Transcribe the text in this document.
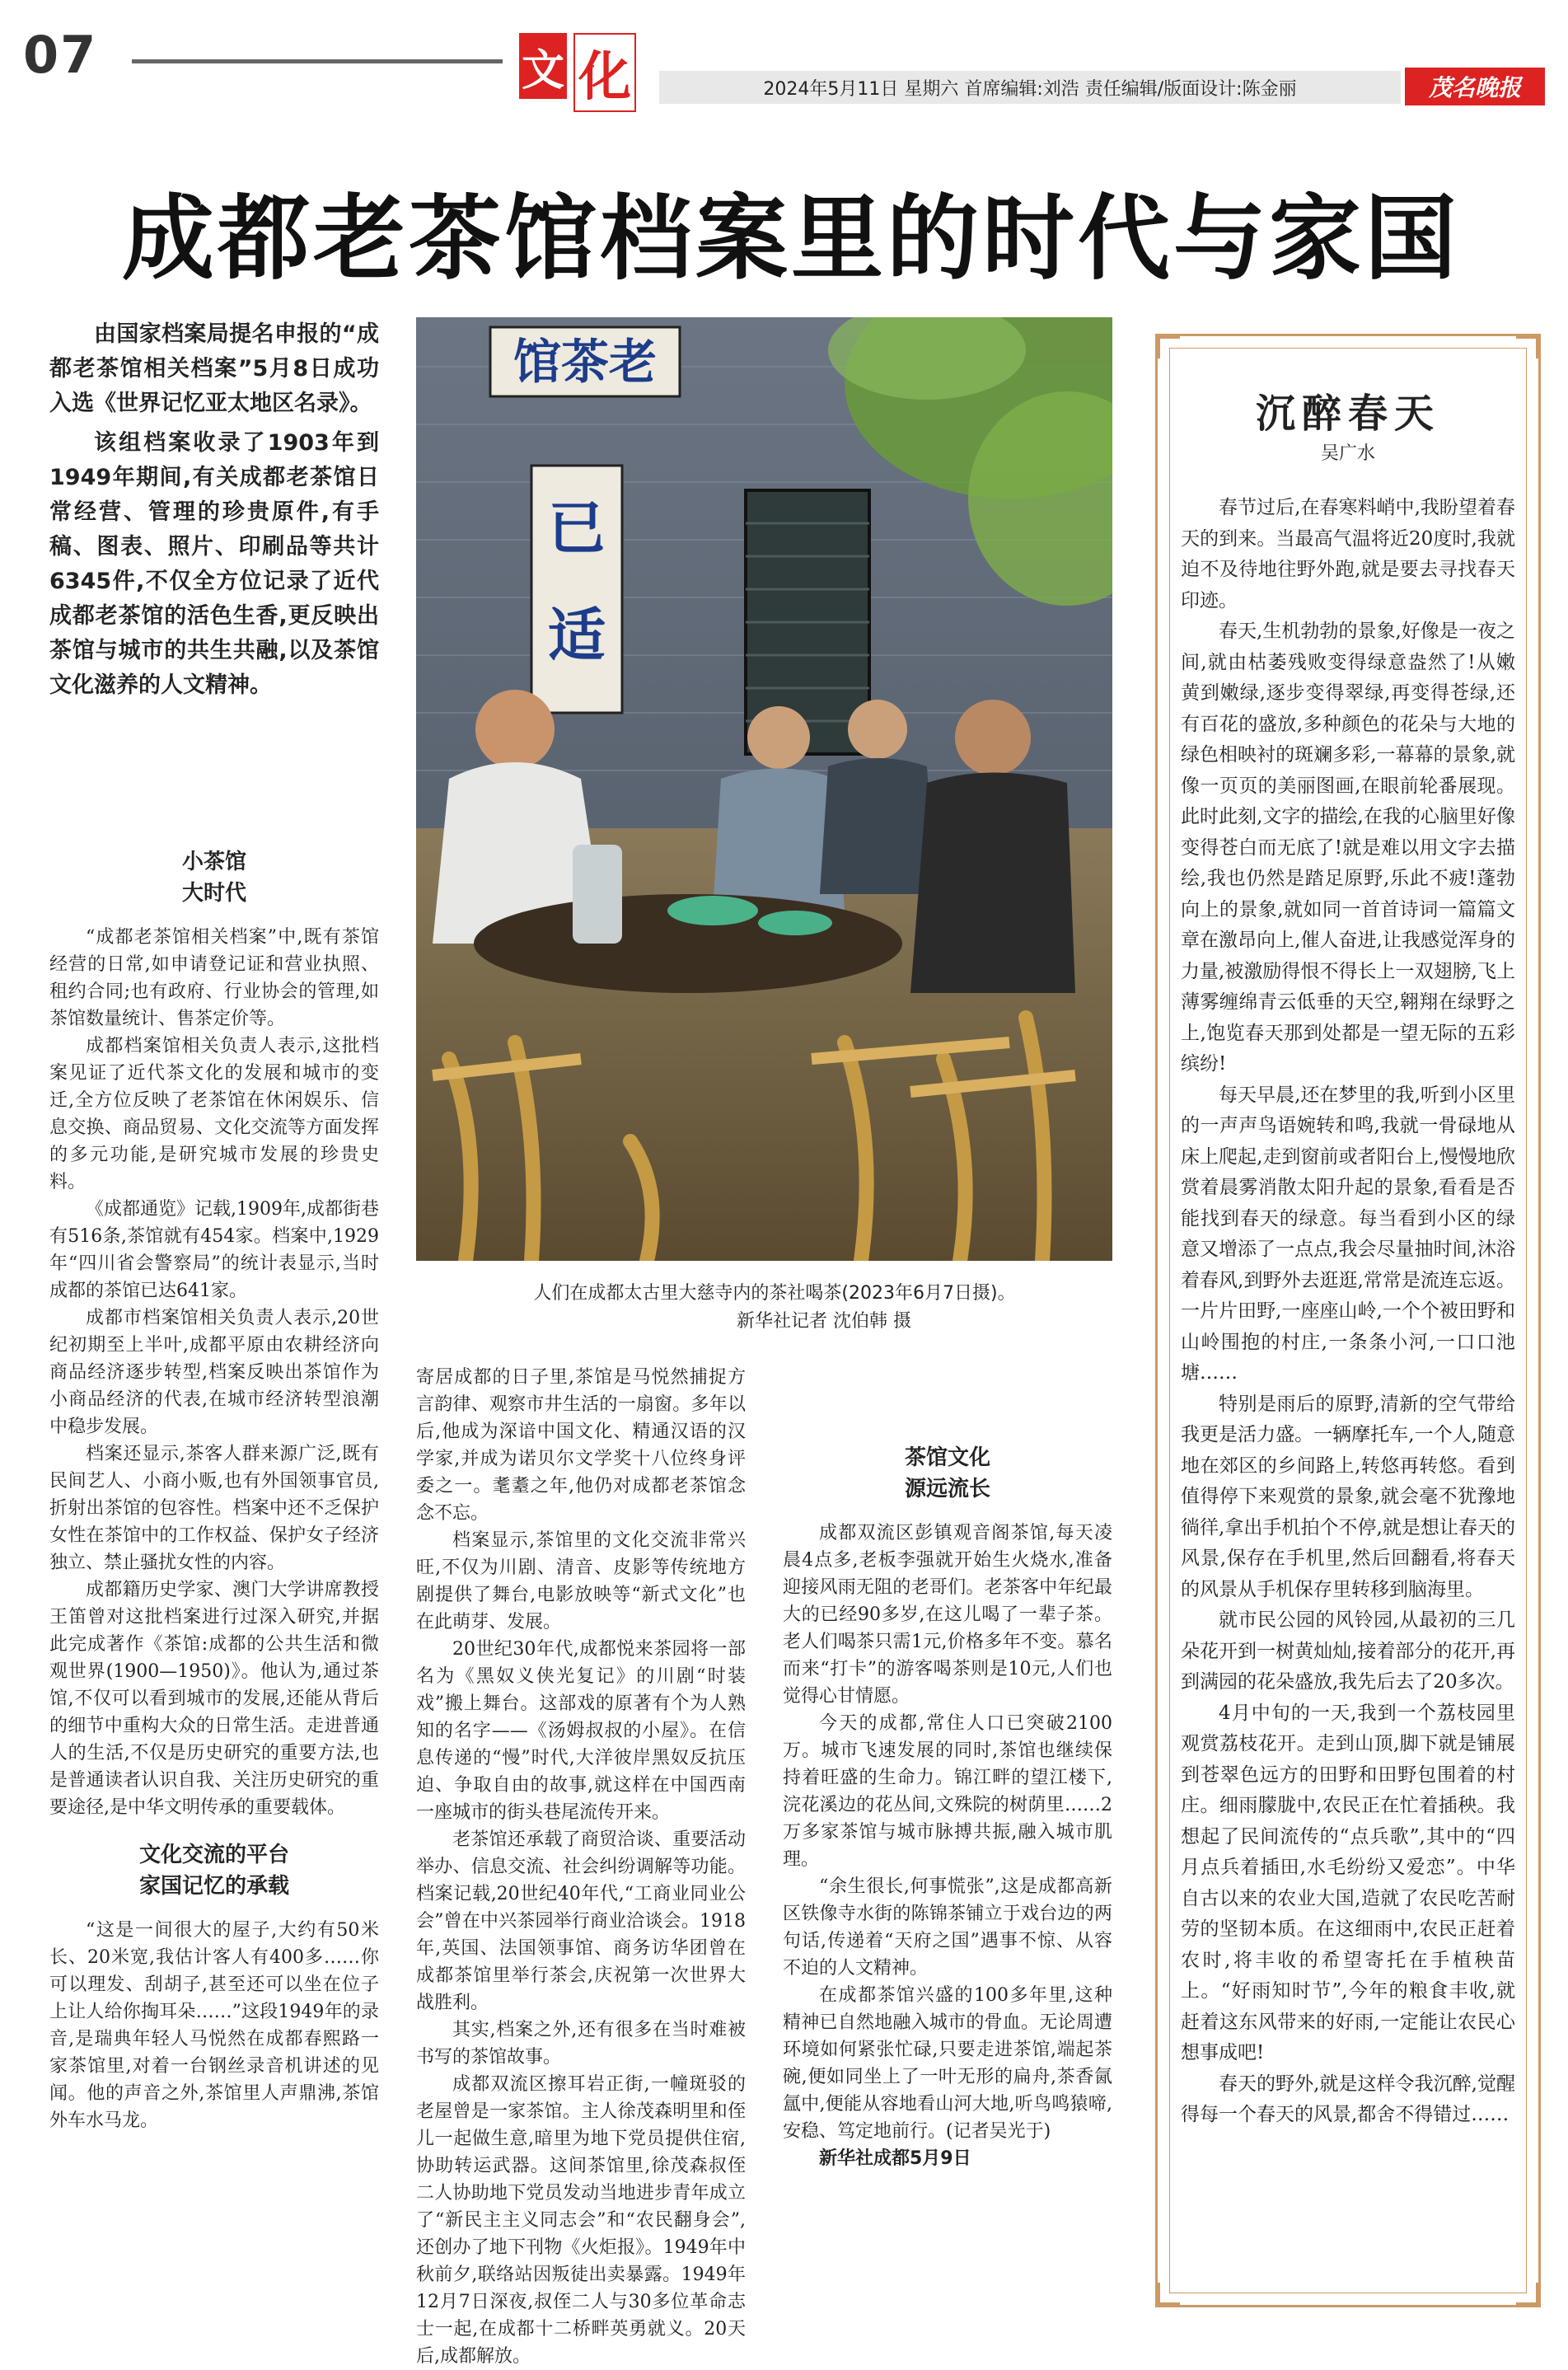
07	文 化	2024年5月11日 星期六 首席编辑:刘浩 责任编辑/版面设计:陈金丽	茂名晚报
成都老茶馆档案里的时代与家国

由国家档案局提名申报的“成都老茶馆相关档案”5月8日成功入选《世界记忆亚太地区名录》。

该组档案收录了1903年到1949年期间,有关成都老茶馆日常经营、管理的珍贵原件,有手稿、图表、照片、印刷品等共计6345件,不仅全方位记录了近代成都老茶馆的活色生香,更反映出茶馆与城市的共生共融,以及茶馆文化滋养的人文精神。

小茶馆
大时代

“成都老茶馆相关档案”中,既有茶馆经营的日常,如申请登记证和营业执照、租约合同;也有政府、行业协会的管理,如茶馆数量统计、售茶定价等。

成都档案馆相关负责人表示,这批档案见证了近代茶文化的发展和城市的变迁,全方位反映了老茶馆在休闲娱乐、信息交换、商品贸易、文化交流等方面发挥的多元功能,是研究城市发展的珍贵史料。

《成都通览》记载,1909年,成都街巷有516条,茶馆就有454家。档案中,1929年“四川省会警察局”的统计表显示,当时成都的茶馆已达641家。

成都市档案馆相关负责人表示,20世纪初期至上半叶,成都平原由农耕经济向商品经济逐步转型,档案反映出茶馆作为小商品经济的代表,在城市经济转型浪潮中稳步发展。

档案还显示,茶客人群来源广泛,既有民间艺人、小商小贩,也有外国领事官员,折射出茶馆的包容性。档案中还不乏保护女性在茶馆中的工作权益、保护女子经济独立、禁止骚扰女性的内容。

成都籍历史学家、澳门大学讲席教授王笛曾对这批档案进行过深入研究,并据此完成著作《茶馆:成都的公共生活和微观世界(1900—1950)》。他认为,通过茶馆,不仅可以看到城市的发展,还能从背后的细节中重构大众的日常生活。走进普通人的生活,不仅是历史研究的重要方法,也是普通读者认识自我、关注历史研究的重要途径,是中华文明传承的重要载体。

文化交流的平台
家国记忆的承载

“这是一间很大的屋子,大约有50米长、20米宽,我估计客人有400多……你可以理发、刮胡子,甚至还可以坐在位子上让人给你掏耳朵……”这段1949年的录音,是瑞典年轻人马悦然在成都春熙路一家茶馆里,对着一台钢丝录音机讲述的见闻。他的声音之外,茶馆里人声鼎沸,茶馆外车水马龙。

馆茶老
已
适
人们在成都太古里大慈寺内的茶社喝茶(2023年6月7日摄)。
新华社记者 沈伯韩 摄

寄居成都的日子里,茶馆是马悦然捕捉方言韵律、观察市井生活的一扇窗。多年以后,他成为深谙中国文化、精通汉语的汉学家,并成为诺贝尔文学奖十八位终身评委之一。耄耋之年,他仍对成都老茶馆念念不忘。

档案显示,茶馆里的文化交流非常兴旺,不仅为川剧、清音、皮影等传统地方剧提供了舞台,电影放映等“新式文化”也在此萌芽、发展。

20世纪30年代,成都悦来茶园将一部名为《黑奴义侠光复记》的川剧“时装戏”搬上舞台。这部戏的原著有个为人熟知的名字——《汤姆叔叔的小屋》。在信息传递的“慢”时代,大洋彼岸黑奴反抗压迫、争取自由的故事,就这样在中国西南一座城市的街头巷尾流传开来。

老茶馆还承载了商贸洽谈、重要活动举办、信息交流、社会纠纷调解等功能。档案记载,20世纪40年代,“工商业同业公会”曾在中兴茶园举行商业洽谈会。1918年,英国、法国领事馆、商务访华团曾在成都茶馆里举行茶会,庆祝第一次世界大战胜利。

其实,档案之外,还有很多在当时难被书写的茶馆故事。

成都双流区擦耳岩正街,一幢斑驳的老屋曾是一家茶馆。主人徐茂森明里和侄儿一起做生意,暗里为地下党员提供住宿,协助转运武器。这间茶馆里,徐茂森叔侄二人协助地下党员发动当地进步青年成立了“新民主主义同志会”和“农民翻身会”,还创办了地下刊物《火炬报》。1949年中秋前夕,联络站因叛徒出卖暴露。1949年12月7日深夜,叔侄二人与30多位革命志士一起,在成都十二桥畔英勇就义。20天后,成都解放。

茶馆文化
源远流长

成都双流区彭镇观音阁茶馆,每天凌晨4点多,老板李强就开始生火烧水,准备迎接风雨无阻的老哥们。老茶客中年纪最大的已经90多岁,在这儿喝了一辈子茶。老人们喝茶只需1元,价格多年不变。慕名而来“打卡”的游客喝茶则是10元,人们也觉得心甘情愿。

今天的成都,常住人口已突破2100万。城市飞速发展的同时,茶馆也继续保持着旺盛的生命力。锦江畔的望江楼下,浣花溪边的花丛间,文殊院的树荫里……2万多家茶馆与城市脉搏共振,融入城市肌理。

“余生很长,何事慌张”,这是成都高新区铁像寺水街的陈锦茶铺立于戏台边的两句话,传递着“天府之国”遇事不惊、从容不迫的人文精神。

在成都茶馆兴盛的100多年里,这种精神已自然地融入城市的骨血。无论周遭环境如何紧张忙碌,只要走进茶馆,端起茶碗,便如同坐上了一叶无形的扁舟,茶香氤氲中,便能从容地看山河大地,听鸟鸣猿啼,安稳、笃定地前行。(记者吴光于)

新华社成都5月9日

沉醉春天
吴广水

春节过后,在春寒料峭中,我盼望着春天的到来。当最高气温将近20度时,我就迫不及待地往野外跑,就是要去寻找春天印迹。

春天,生机勃勃的景象,好像是一夜之间,就由枯萎残败变得绿意盎然了!从嫩黄到嫩绿,逐步变得翠绿,再变得苍绿,还有百花的盛放,多种颜色的花朵与大地的绿色相映衬的斑斓多彩,一幕幕的景象,就像一页页的美丽图画,在眼前轮番展现。此时此刻,文字的描绘,在我的心脑里好像变得苍白而无底了!就是难以用文字去描绘,我也仍然是踏足原野,乐此不疲!蓬勃向上的景象,就如同一首首诗词一篇篇文章在激昂向上,催人奋进,让我感觉浑身的力量,被激励得恨不得长上一双翅膀,飞上薄雾缠绵青云低垂的天空,翱翔在绿野之上,饱览春天那到处都是一望无际的五彩缤纷!

每天早晨,还在梦里的我,听到小区里的一声声鸟语婉转和鸣,我就一骨碌地从床上爬起,走到窗前或者阳台上,慢慢地欣赏着晨雾消散太阳升起的景象,看看是否能找到春天的绿意。每当看到小区的绿意又增添了一点点,我会尽量抽时间,沐浴着春风,到野外去逛逛,常常是流连忘返。一片片田野,一座座山岭,一个个被田野和山岭围抱的村庄,一条条小河,一口口池塘……

特别是雨后的原野,清新的空气带给我更是活力盛。一辆摩托车,一个人,随意地在郊区的乡间路上,转悠再转悠。看到值得停下来观赏的景象,就会毫不犹豫地徜徉,拿出手机拍个不停,就是想让春天的风景,保存在手机里,然后回翻看,将春天的风景从手机保存里转移到脑海里。

就市民公园的风铃园,从最初的三几朵花开到一树黄灿灿,接着部分的花开,再到满园的花朵盛放,我先后去了20多次。

4月中旬的一天,我到一个荔枝园里观赏荔枝花开。走到山顶,脚下就是铺展到苍翠色远方的田野和田野包围着的村庄。细雨朦胧中,农民正在忙着插秧。我想起了民间流传的“点兵歌”,其中的“四月点兵着插田,水毛纷纷又爱恋”。中华自古以来的农业大国,造就了农民吃苦耐劳的坚韧本质。在这细雨中,农民正赶着农时,将丰收的希望寄托在手植秧苗上。“好雨知时节”,今年的粮食丰收,就赶着这东风带来的好雨,一定能让农民心想事成吧!

春天的野外,就是这样令我沉醉,觉醒得每一个春天的风景,都舍不得错过……
